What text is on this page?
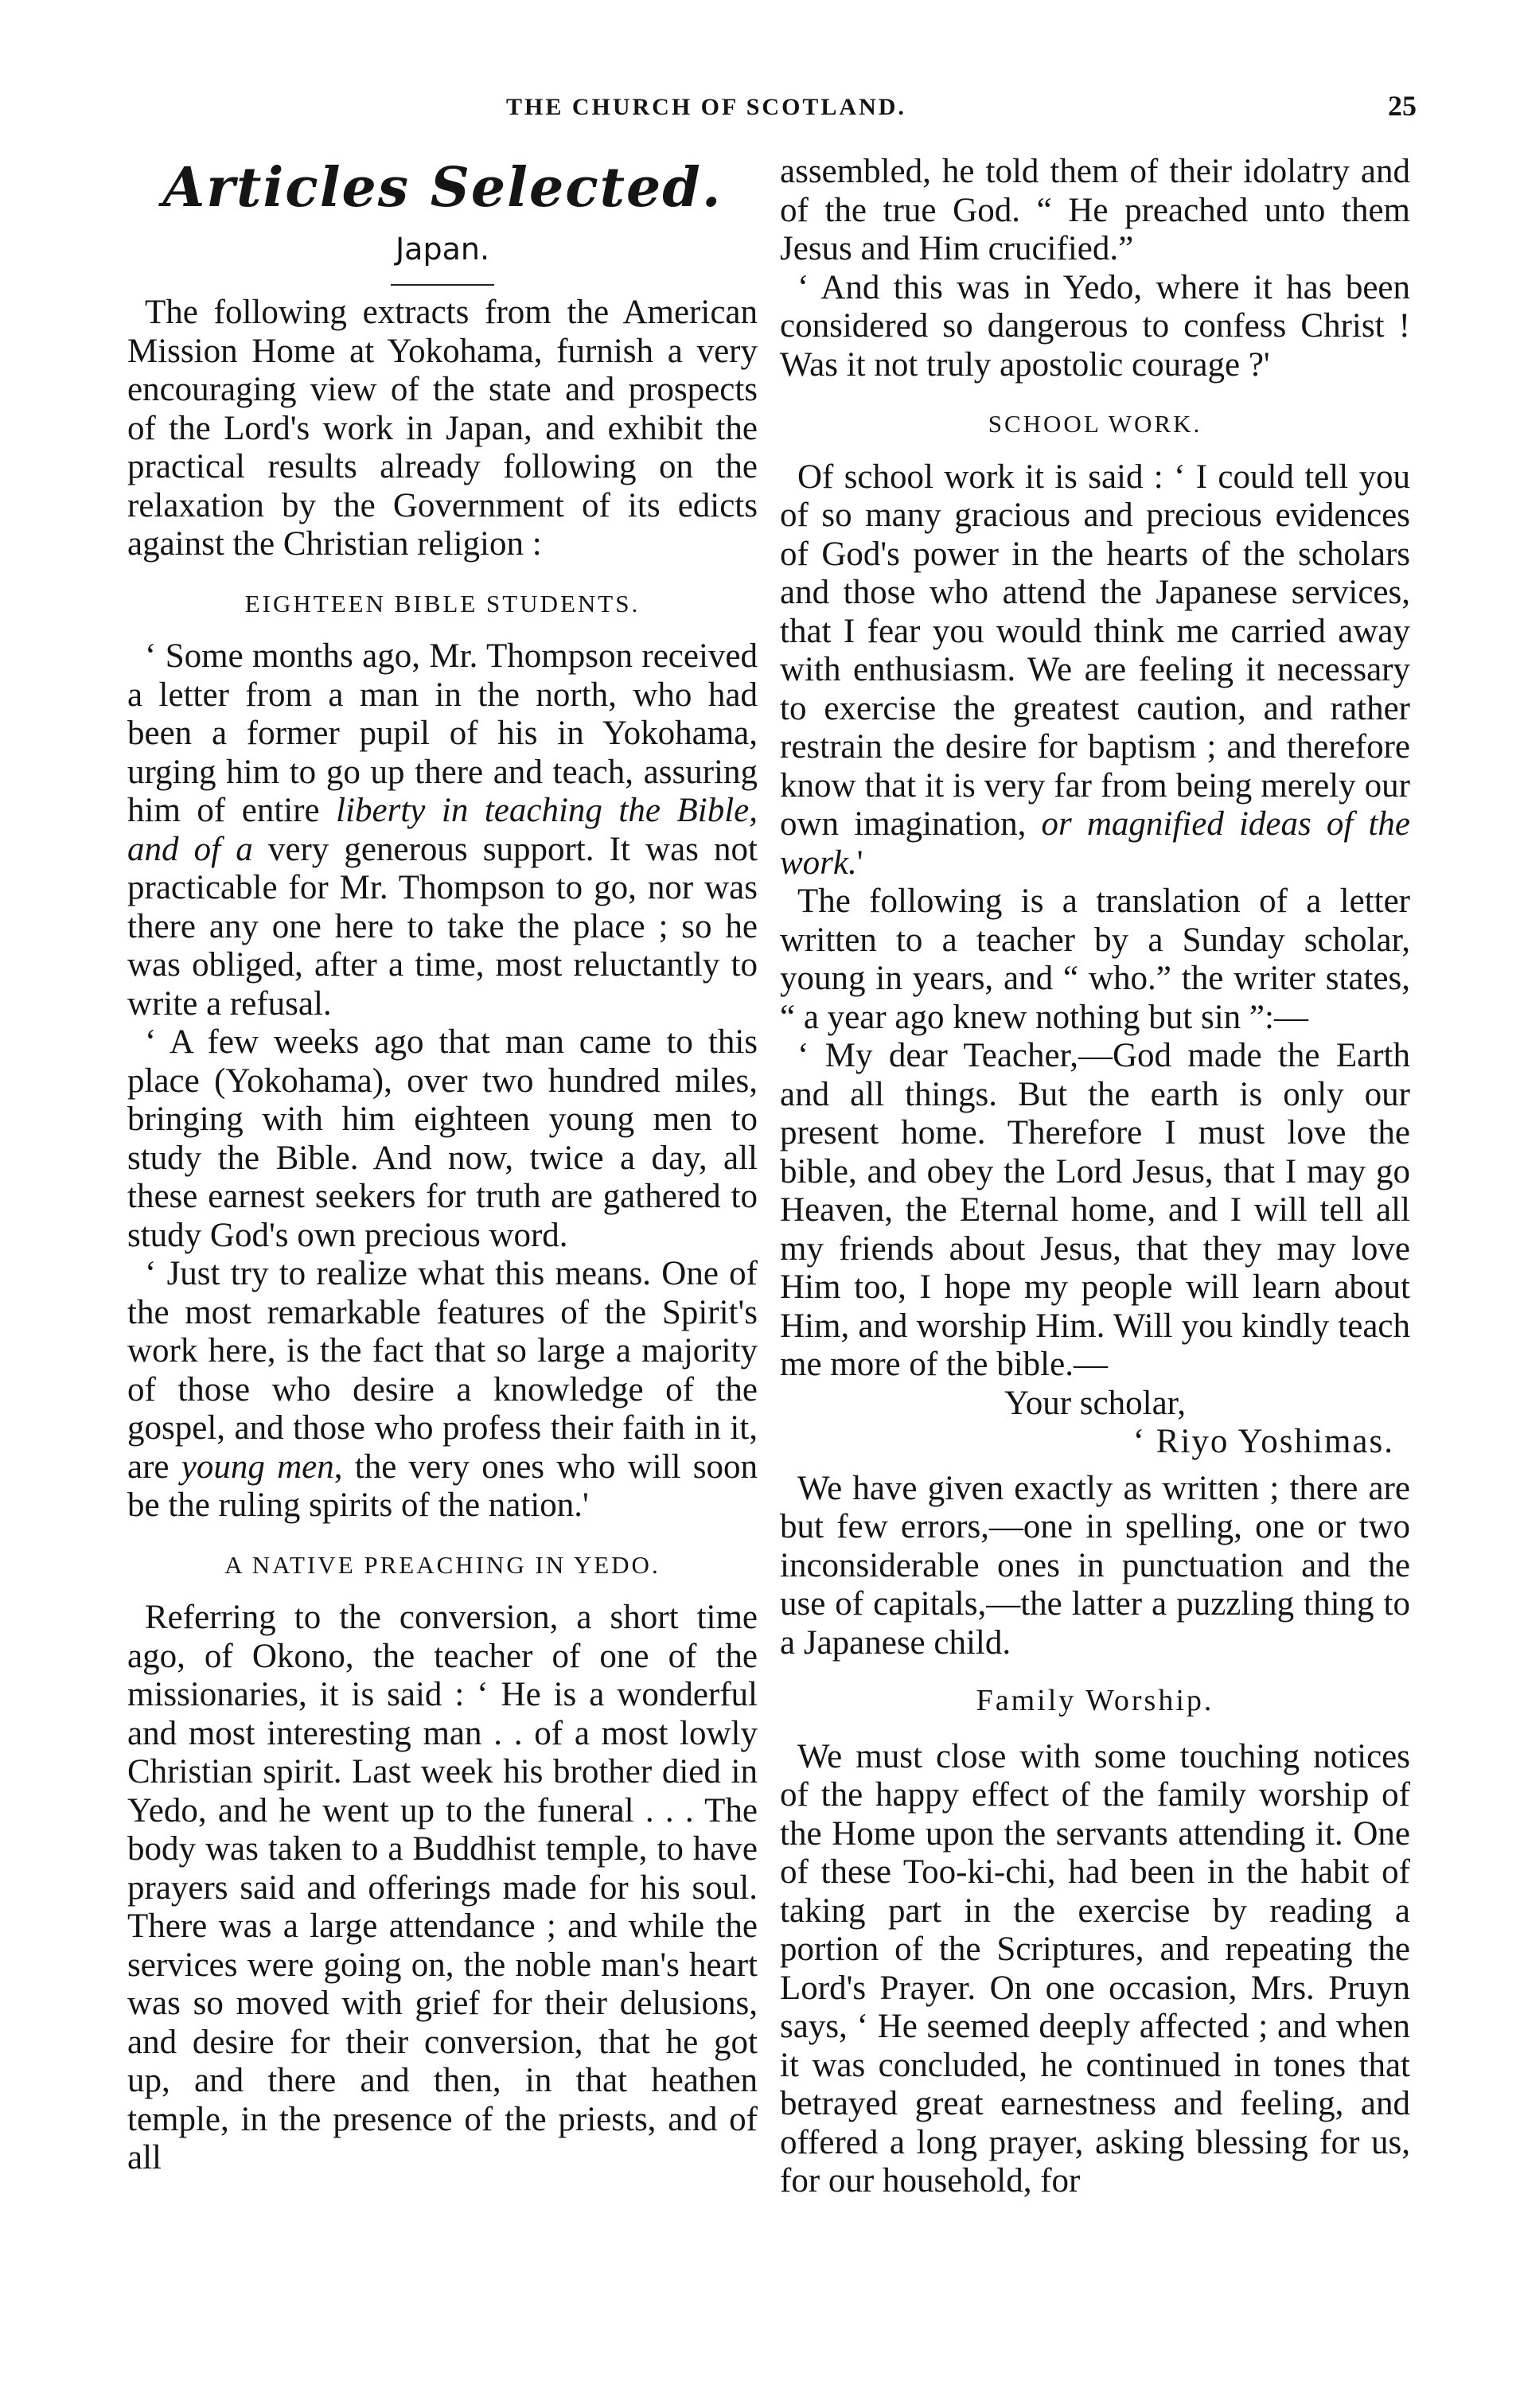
THE CHURCH OF SCOTLAND.	25
Articles Selected.
Japan.

The following extracts from the American Mission Home at Yokohama, furnish a very encouraging view of the state and prospects of the Lord's work in Japan, and exhibit the practical results already following on the relaxation by the Government of its edicts against the Christian religion :

EIGHTEEN BIBLE STUDENTS.

‘ Some months ago, Mr. Thompson received a letter from a man in the north, who had been a former pupil of his in Yokohama, urging him to go up there and teach, assuring him of entire liberty in teaching the Bible, and of a very generous support. It was not practicable for Mr. Thompson to go, nor was there any one here to take the place ; so he was obliged, after a time, most reluctantly to write a refusal.

‘ A few weeks ago that man came to this place (Yokohama), over two hundred miles, bringing with him eighteen young men to study the Bible. And now, twice a day, all these earnest seekers for truth are gathered to study God's own precious word.

‘ Just try to realize what this means. One of the most remarkable features of the Spirit's work here, is the fact that so large a majority of those who desire a knowledge of the gospel, and those who profess their faith in it, are young men, the very ones who will soon be the ruling spirits of the nation.'

A NATIVE PREACHING IN YEDO.

Referring to the conversion, a short time ago, of Okono, the teacher of one of the missionaries, it is said : ‘ He is a wonderful and most interesting man . . of a most lowly Christian spirit. Last week his brother died in Yedo, and he went up to the funeral . . . The body was taken to a Buddhist temple, to have prayers said and offerings made for his soul. There was a large attendance ; and while the services were going on, the noble man's heart was so moved with grief for their delusions, and desire for their conversion, that he got up, and there and then, in that heathen temple, in the presence of the priests, and of all

assembled, he told them of their idolatry and of the true God. “ He preached unto them Jesus and Him crucified.”

‘ And this was in Yedo, where it has been considered so dangerous to confess Christ ! Was it not truly apostolic courage ?'

SCHOOL WORK.

Of school work it is said : ‘ I could tell you of so many gracious and precious evidences of God's power in the hearts of the scholars and those who attend the Japanese services, that I fear you would think me carried away with enthusiasm. We are feeling it necessary to exercise the greatest caution, and rather restrain the desire for baptism ; and therefore know that it is very far from being merely our own imagination, or magnified ideas of the work.'

The following is a translation of a letter written to a teacher by a Sunday scholar, young in years, and “ who.” the writer states, “ a year ago knew nothing but sin ”:—

‘ My dear Teacher,—God made the Earth and all things. But the earth is only our present home. Therefore I must love the bible, and obey the Lord Jesus, that I may go Heaven, the Eternal home, and I will tell all my friends about Jesus, that they may love Him too, I hope my people will learn about Him, and worship Him. Will you kindly teach me more of the bible.—

Your scholar,

‘ Riyo Yoshimas.

We have given exactly as written ; there are but few errors,—one in spelling, one or two inconsiderable ones in punctuation and the use of capitals,—the latter a puzzling thing to a Japanese child.

Family Worship.

We must close with some touching notices of the happy effect of the family worship of the Home upon the servants attending it. One of these Too-ki-chi, had been in the habit of taking part in the exercise by reading a portion of the Scriptures, and repeating the Lord's Prayer. On one occasion, Mrs. Pruyn says, ‘ He seemed deeply affected ; and when it was concluded, he continued in tones that betrayed great earnestness and feeling, and offered a long prayer, asking blessing for us, for our household, for
